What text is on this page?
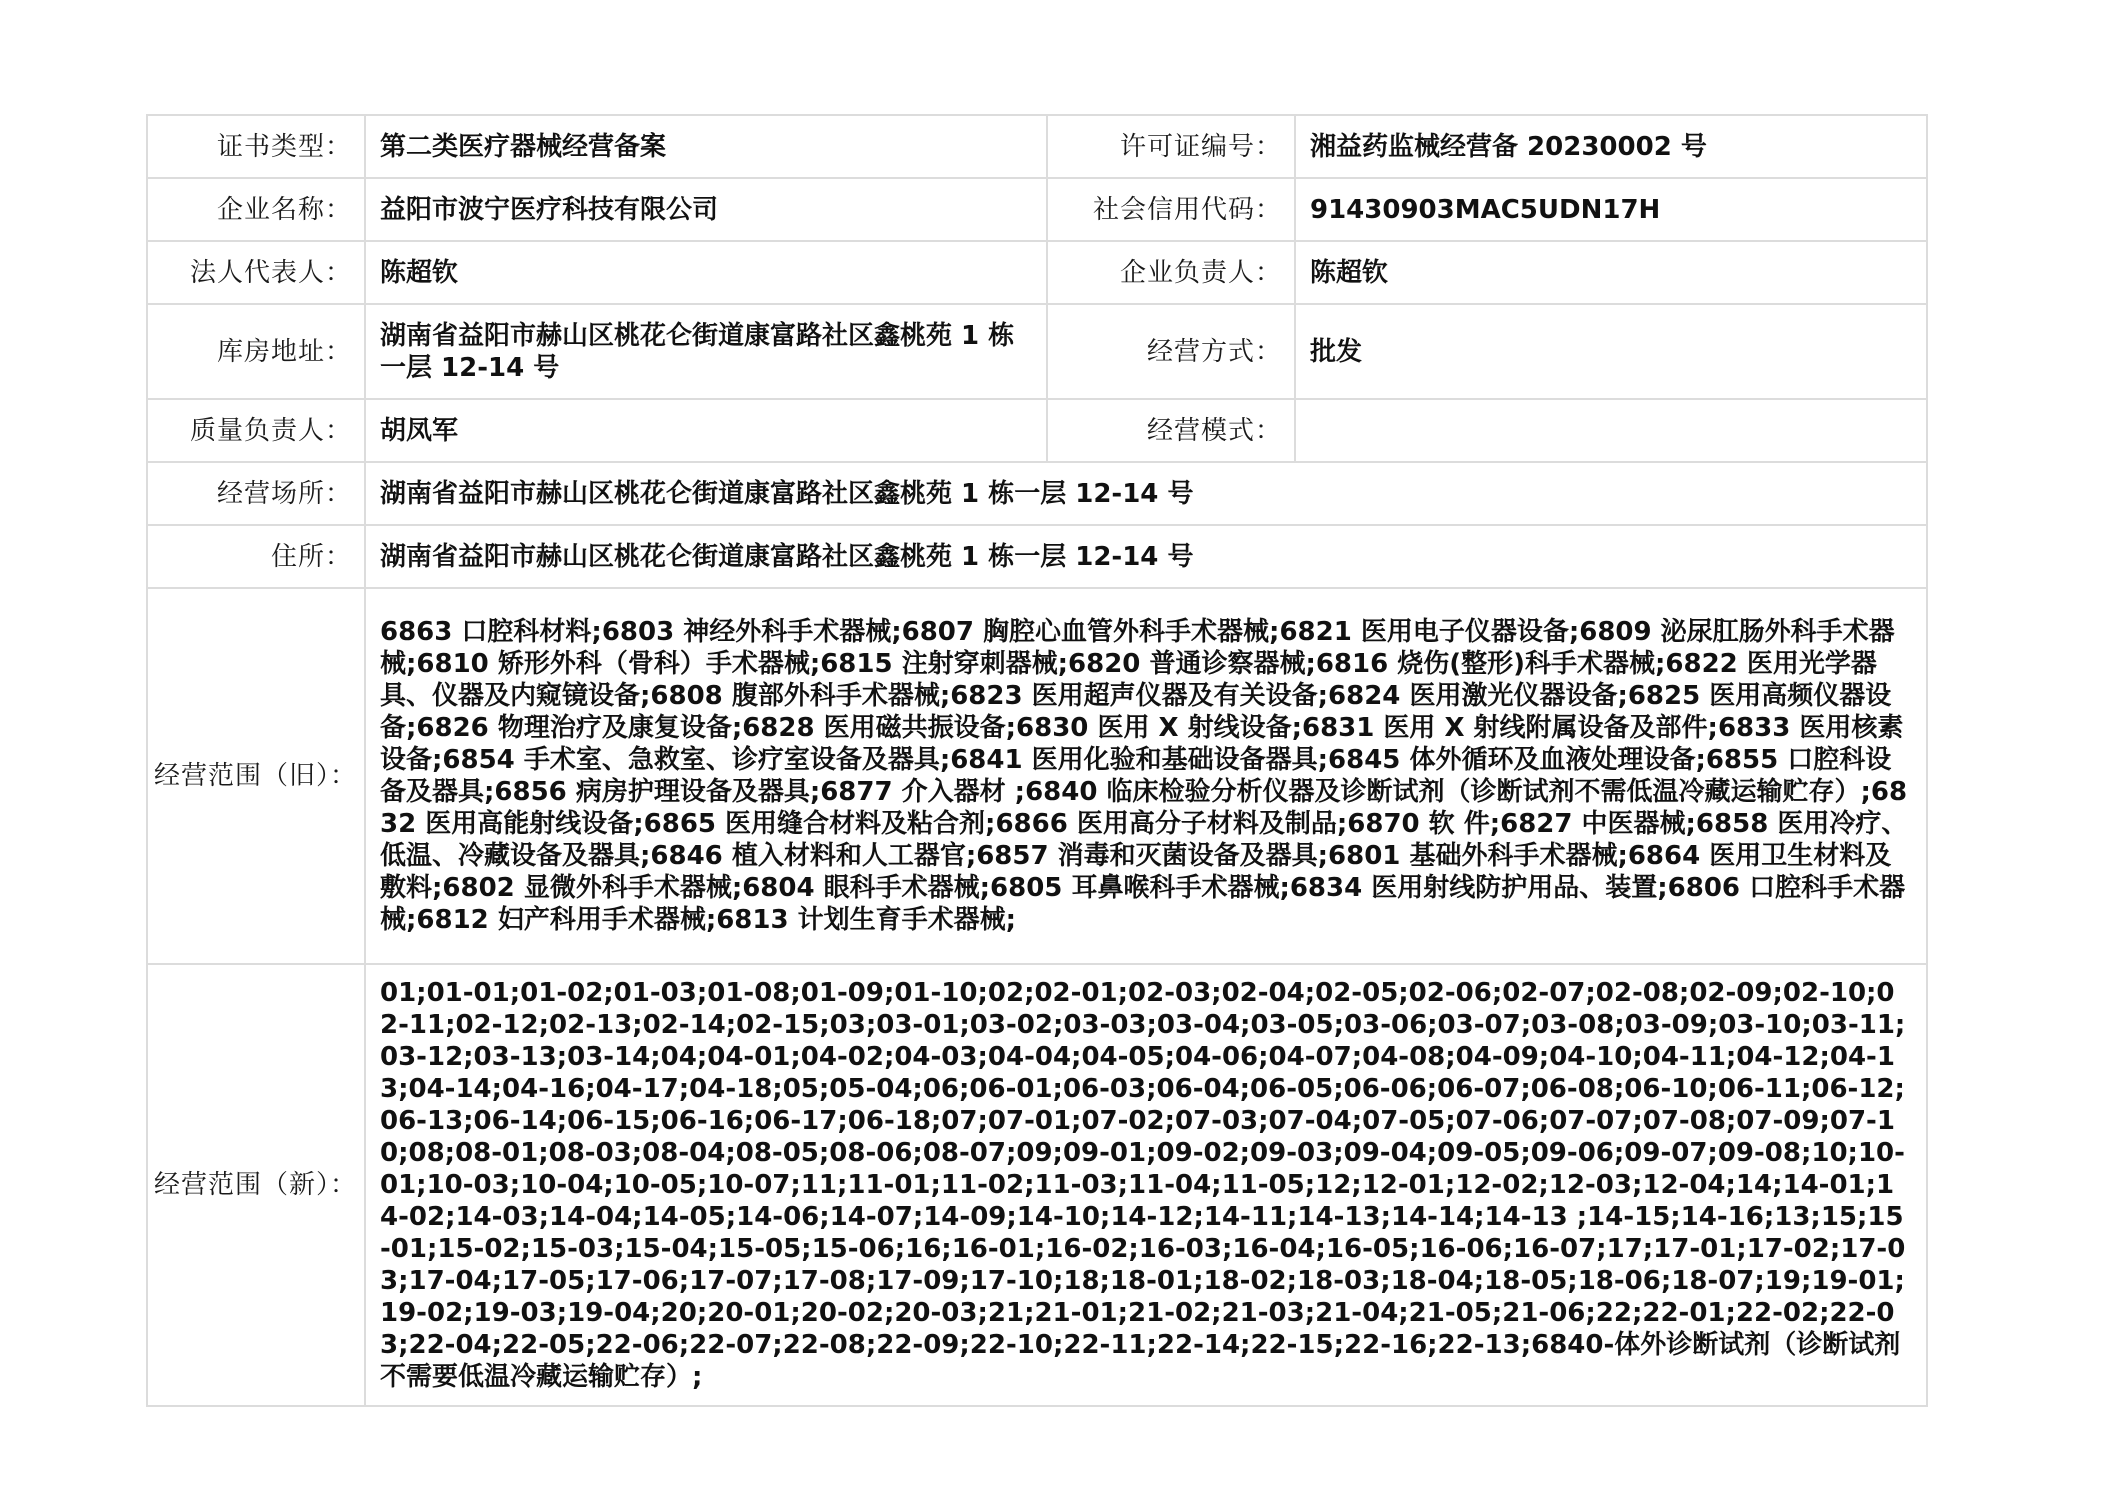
证书类型：	第二类医疗器械经营备案	许可证编号：	湘益药监械经营备 20230002 号
企业名称：	益阳市波宁医疗科技有限公司	社会信用代码：	91430903MAC5UDN17H
法人代表人：	陈超钦	企业负责人：	陈超钦
库房地址：	湖南省益阳市赫山区桃花仑街道康富路社区鑫桃苑 1 栋一层 12-14 号	经营方式：	批发
质量负责人：	胡凤军	经营模式：	
经营场所：	湖南省益阳市赫山区桃花仑街道康富路社区鑫桃苑 1 栋一层 12-14 号		
住所：	湖南省益阳市赫山区桃花仑街道康富路社区鑫桃苑 1 栋一层 12-14 号		
经营范围（旧）：	6863 口腔科材料;6803 神经外科手术器械;6807 胸腔心血管外科手术器械;6821 医用电子仪器设备;6809 泌尿肛肠外科手术器械;6810 矫形外科（骨科）手术器械;6815 注射穿刺器械;6820 普通诊察器械;6816 烧伤(整形)科手术器械;6822 医用光学器具、仪器及内窥镜设备;6808 腹部外科手术器械;6823 医用超声仪器及有关设备;6824 医用激光仪器设备;6825 医用高频仪器设备;6826 物理治疗及康复设备;6828 医用磁共振设备;6830 医用 X 射线设备;6831 医用 X 射线附属设备及部件;6833 医用核素设备;6854 手术室、急救室、诊疗室设备及器具;6841 医用化验和基础设备器具;6845 体外循环及血液处理设备;6855 口腔科设备及器具;6856 病房护理设备及器具;6877 介入器材 ;6840 临床检验分析仪器及诊断试剂（诊断试剂不需低温冷藏运输贮存）;6832 医用高能射线设备;6865 医用缝合材料及粘合剂;6866 医用高分子材料及制品;6870 软 件;6827 中医器械;6858 医用冷疗、低温、冷藏设备及器具;6846 植入材料和人工器官;6857 消毒和灭菌设备及器具;6801 基础外科手术器械;6864 医用卫生材料及敷料;6802 显微外科手术器械;6804 眼科手术器械;6805 耳鼻喉科手术器械;6834 医用射线防护用品、装置;6806 口腔科手术器械;6812 妇产科用手术器械;6813 计划生育手术器械;		
经营范围（新）：	01;01-01;01-02;01-03;01-08;01-09;01-10;02;02-01;02-03;02-04;02-05;02-06;02-07;02-08;02-09;02-10;02-11;02-12;02-13;02-14;02-15;03;03-01;03-02;03-03;03-04;03-05;03-06;03-07;03-08;03-09;03-10;03-11;03-12;03-13;03-14;04;04-01;04-02;04-03;04-04;04-05;04-06;04-07;04-08;04-09;04-10;04-11;04-12;04-13;04-14;04-16;04-17;04-18;05;05-04;06;06-01;06-03;06-04;06-05;06-06;06-07;06-08;06-10;06-11;06-12;06-13;06-14;06-15;06-16;06-17;06-18;07;07-01;07-02;07-03;07-04;07-05;07-06;07-07;07-08;07-09;07-10;08;08-01;08-03;08-04;08-05;08-06;08-07;09;09-01;09-02;09-03;09-04;09-05;09-06;09-07;09-08;10;10-01;10-03;10-04;10-05;10-07;11;11-01;11-02;11-03;11-04;11-05;12;12-01;12-02;12-03;12-04;14;14-01;14-02;14-03;14-04;14-05;14-06;14-07;14-09;14-10;14-12;14-11;14-13;14-14;14-13 ;14-15;14-16;13;15;15-01;15-02;15-03;15-04;15-05;15-06;16;16-01;16-02;16-03;16-04;16-05;16-06;16-07;17;17-01;17-02;17-03;17-04;17-05;17-06;17-07;17-08;17-09;17-10;18;18-01;18-02;18-03;18-04;18-05;18-06;18-07;19;19-01;19-02;19-03;19-04;20;20-01;20-02;20-03;21;21-01;21-02;21-03;21-04;21-05;21-06;22;22-01;22-02;22-03;22-04;22-05;22-06;22-07;22-08;22-09;22-10;22-11;22-14;22-15;22-16;22-13;6840-体外诊断试剂（诊断试剂不需要低温冷藏运输贮存）;		
